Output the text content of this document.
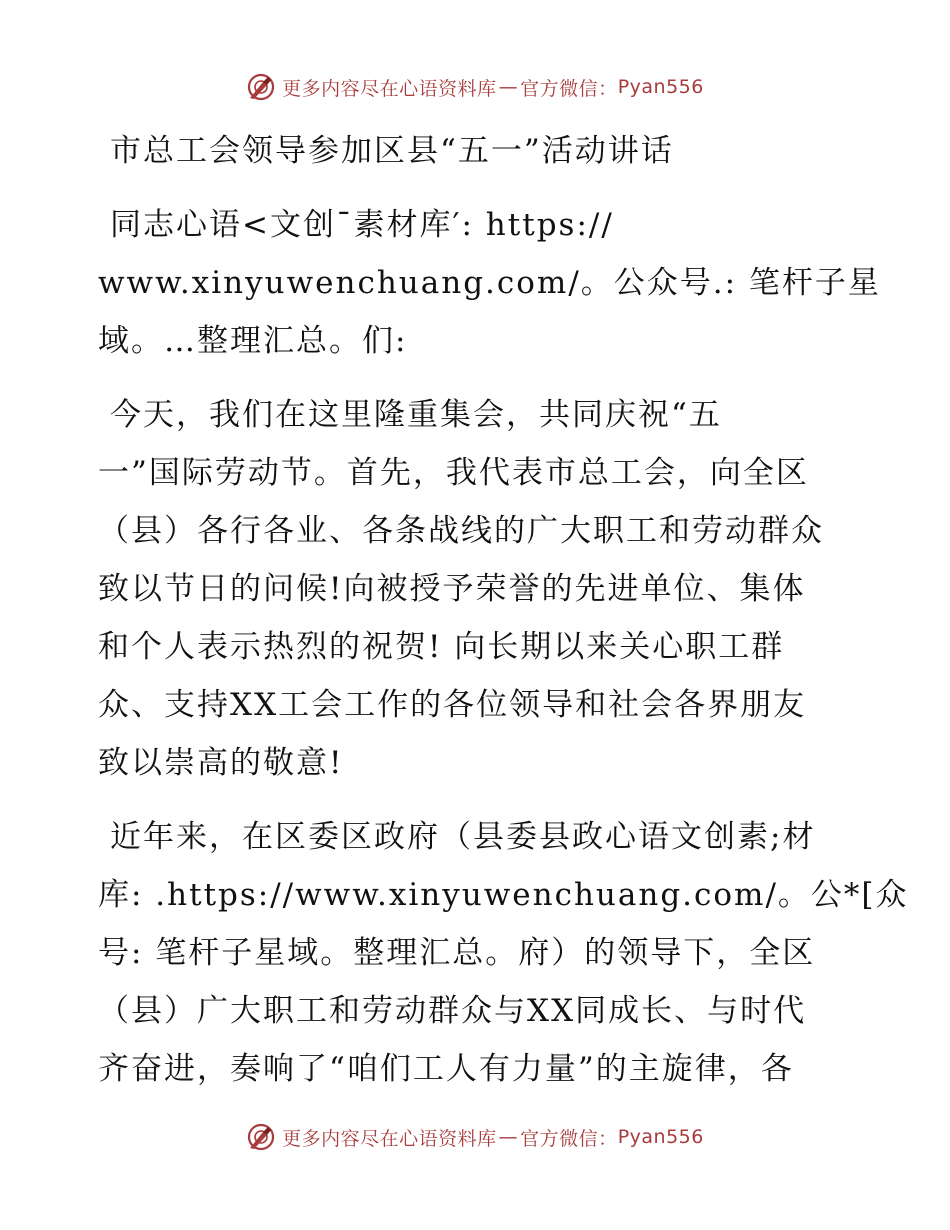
更多内容尽在心语资料库 — 官方微信： Pyan556
市总工会领导参加区县“五一”活动讲话
同志心语<文创¯素材库′: https://
www.xinyuwenchuang.com/。公众号.: 笔杆子星
域。…整理汇总。们:
今天，我们在这里隆重集会，共同庆祝“五
一”国际劳动节。首先，我代表市总工会，向全区
（县）各行各业、各条战线的广大职工和劳动群众
致以节日的问候!向被授予荣誉的先进单位、集体
和个人表示热烈的祝贺! 向长期以来关心职工群
众、支持XX工会工作的各位领导和社会各界朋友
致以崇高的敬意!
近年来，在区委区政府（县委县政心语文创素;材
库: .https://www.xinyuwenchuang.com/。公*[众
号: 笔杆子星域。整理汇总。府）的领导下，全区
（县）广大职工和劳动群众与XX同成长、与时代
齐奋进，奏响了“咱们工人有力量”的主旋律，各
更多内容尽在心语资料库 — 官方微信： Pyan556
